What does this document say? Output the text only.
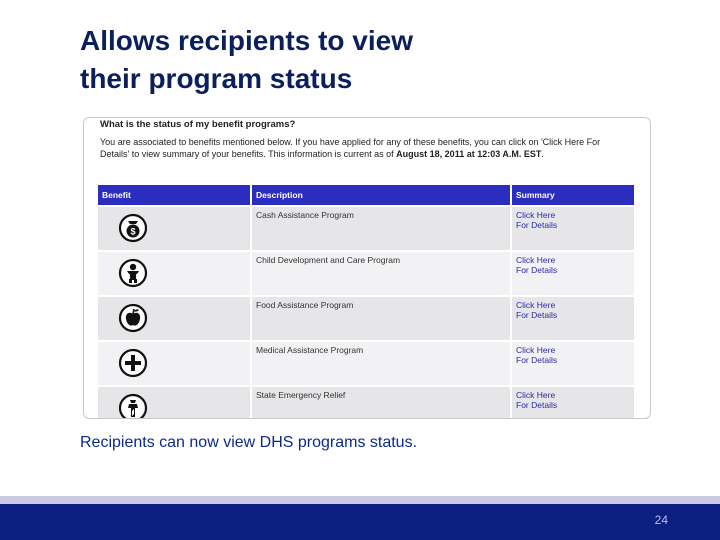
Allows recipients to view
their program status
What is the status of my benefit programs?
You are associated to benefits mentioned below. If you have applied for any of these benefits, you can click on 'Click Here For Details' to view summary of your benefits. This information is current as of August 18, 2011 at 12:03 A.M. EST.
Benefit	Description	Summary

$	Cash Assistance Program	Click Here
For Details

	Child Development and Care Program	Click Here
For Details

	Food Assistance Program	Click Here
For Details

	Medical Assistance Program	Click Here
For Details

	State Emergency Relief	Click Here
For Details
Recipients can now view DHS programs status.
24
